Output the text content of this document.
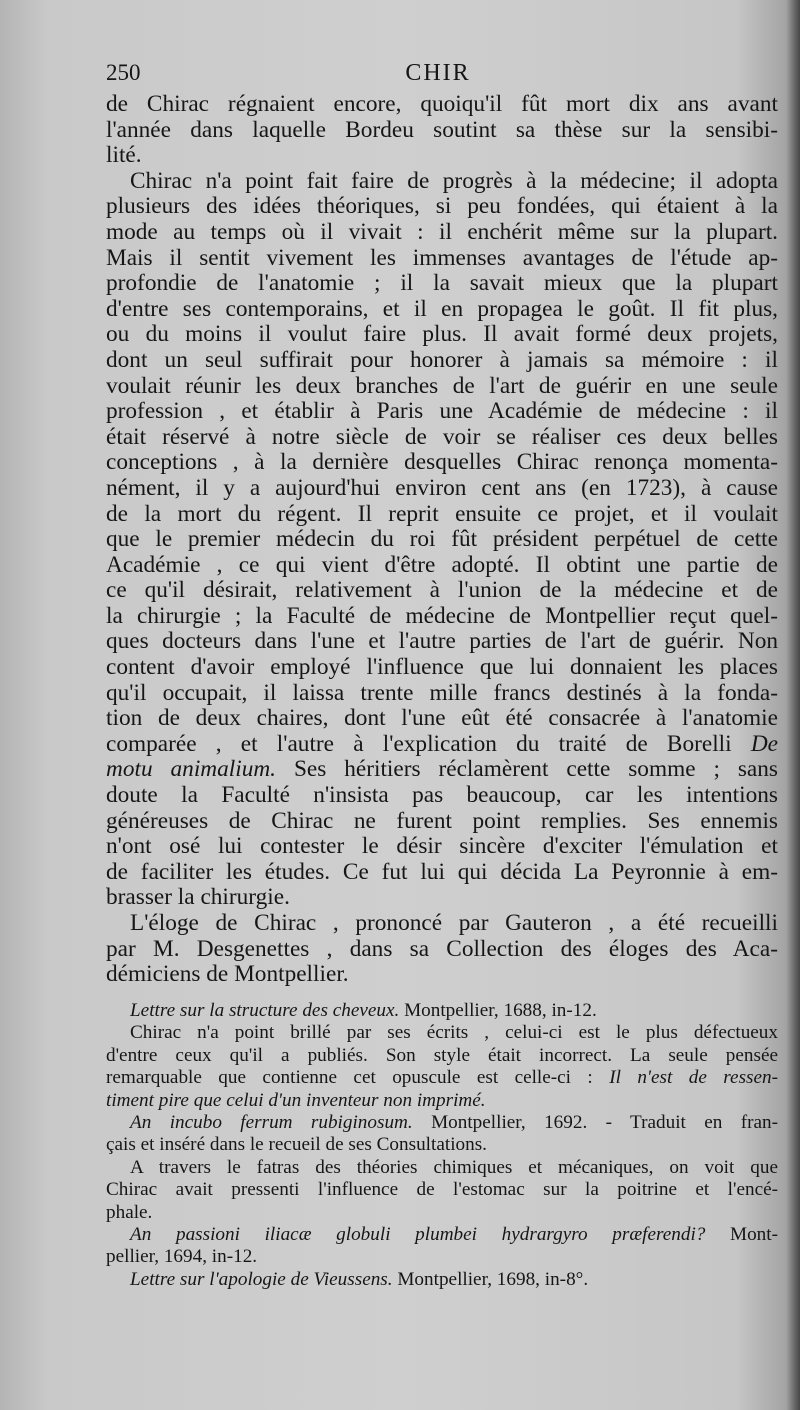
250	CHIR
de Chirac régnaient encore, quoiqu'il fût mort dix ans avant
l'année dans laquelle Bordeu soutint sa thèse sur la sensibi-
lité.
Chirac n'a point fait faire de progrès à la médecine; il adopta
plusieurs des idées théoriques, si peu fondées, qui étaient à la
mode au temps où il vivait : il enchérit même sur la plupart.
Mais il sentit vivement les immenses avantages de l'étude ap-
profondie de l'anatomie ; il la savait mieux que la plupart
d'entre ses contemporains, et il en propagea le goût. Il fit plus,
ou du moins il voulut faire plus. Il avait formé deux projets,
dont un seul suffirait pour honorer à jamais sa mémoire : il
voulait réunir les deux branches de l'art de guérir en une seule
profession , et établir à Paris une Académie de médecine : il
était réservé à notre siècle de voir se réaliser ces deux belles
conceptions , à la dernière desquelles Chirac renonça momenta-
nément, il y a aujourd'hui environ cent ans (en 1723), à cause
de la mort du régent. Il reprit ensuite ce projet, et il voulait
que le premier médecin du roi fût président perpétuel de cette
Académie , ce qui vient d'être adopté. Il obtint une partie de
ce qu'il désirait, relativement à l'union de la médecine et de
la chirurgie ; la Faculté de médecine de Montpellier reçut quel-
ques docteurs dans l'une et l'autre parties de l'art de guérir. Non
content d'avoir employé l'influence que lui donnaient les places
qu'il occupait, il laissa trente mille francs destinés à la fonda-
tion de deux chaires, dont l'une eût été consacrée à l'anatomie
comparée , et l'autre à l'explication du traité de Borelli De
motu animalium. Ses héritiers réclamèrent cette somme ; sans
doute la Faculté n'insista pas beaucoup, car les intentions
généreuses de Chirac ne furent point remplies. Ses ennemis
n'ont osé lui contester le désir sincère d'exciter l'émulation et
de faciliter les études. Ce fut lui qui décida La Peyronnie à em-
brasser la chirurgie.
L'éloge de Chirac , prononcé par Gauteron , a été recueilli
par M. Desgenettes , dans sa Collection des éloges des Aca-
démiciens de Montpellier.
Lettre sur la structure des cheveux. Montpellier, 1688, in-12.
Chirac n'a point brillé par ses écrits , celui-ci est le plus défectueux
d'entre ceux qu'il a publiés. Son style était incorrect. La seule pensée
remarquable que contienne cet opuscule est celle-ci : Il n'est de ressen-
timent pire que celui d'un inventeur non imprimé.
An incubo ferrum rubiginosum. Montpellier, 1692. - Traduit en fran-
çais et inséré dans le recueil de ses Consultations.
A travers le fatras des théories chimiques et mécaniques, on voit que
Chirac avait pressenti l'influence de l'estomac sur la poitrine et l'encé-
phale.
An passioni iliacæ globuli plumbei hydrargyro præferendi? Mont-
pellier, 1694, in-12.
Lettre sur l'apologie de Vieussens. Montpellier, 1698, in-8°.
